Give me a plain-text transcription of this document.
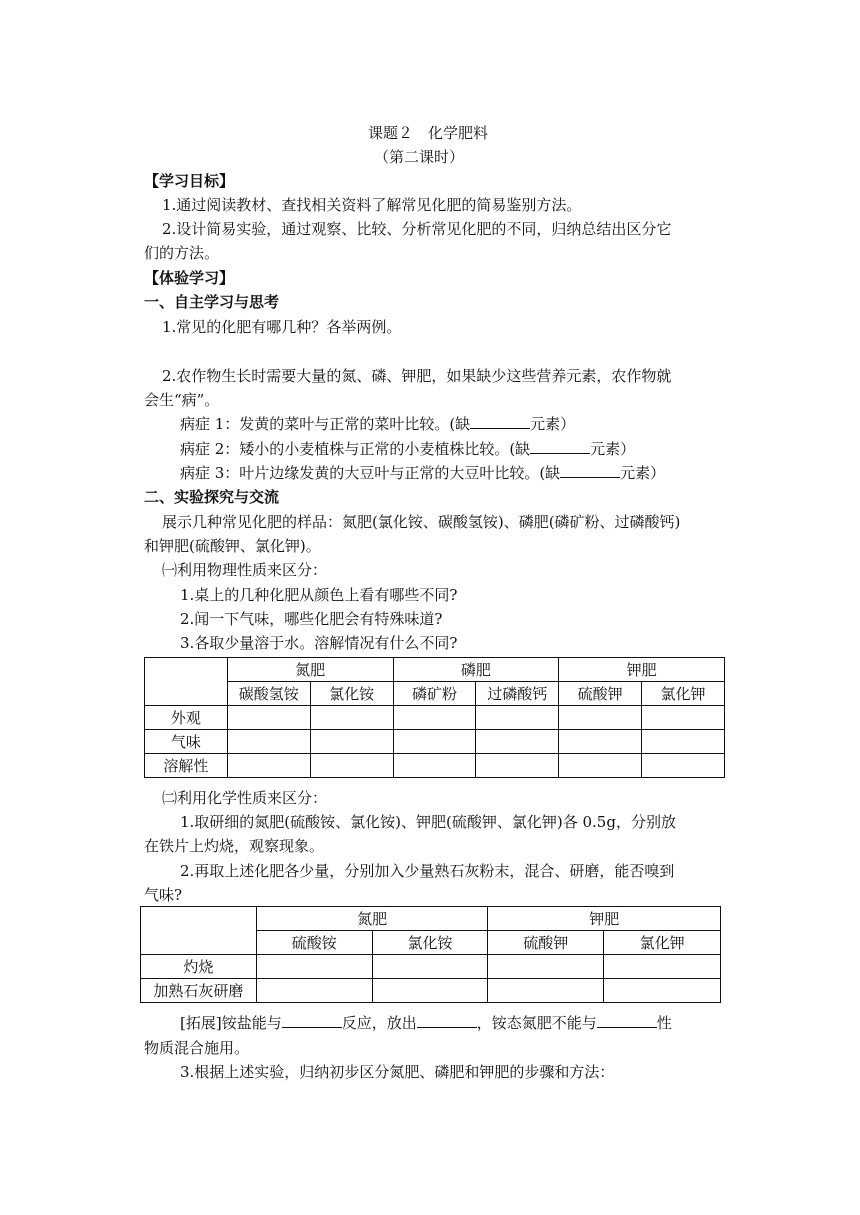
课题２　化学肥料
（第二课时）
【学习目标】
1.通过阅读教材、查找相关资料了解常见化肥的简易鉴别方法。
2.设计简易实验，通过观察、比较、分析常见化肥的不同，归纳总结出区分它
们的方法。
【体验学习】
一、自主学习与思考
1.常见的化肥有哪几种？各举两例。
2.农作物生长时需要大量的氮、磷、钾肥，如果缺少这些营养元素，农作物就
会生“病”。
病症 1：发黄的菜叶与正常的菜叶比较。(缺	元素）
病症 2：矮小的小麦植株与正常的小麦植株比较。(缺	元素）
病症 3：叶片边缘发黄的大豆叶与正常的大豆叶比较。(缺	元素）
二、实验探究与交流
展示几种常见化肥的样品：氮肥(氯化铵、碳酸氢铵)、磷肥(磷矿粉、过磷酸钙)
和钾肥(硫酸钾、氯化钾)。
㈠利用物理性质来区分：
1.桌上的几种化肥从颜色上看有哪些不同?
2.闻一下气味，哪些化肥会有特殊味道?
3.各取少量溶于水。溶解情况有什么不同?
	氮肥		磷肥		钾肥	
	碳酸氢铵	氯化铵	磷矿粉	过磷酸钙	硫酸钾	氯化钾
外观						
气味						
溶解性						
㈡利用化学性质来区分：
1.取研细的氮肥(硫酸铵、氯化铵)、钾肥(硫酸钾、氯化钾)各 0.5g，分别放
在铁片上灼烧，观察现象。
2.再取上述化肥各少量，分别加入少量熟石灰粉末，混合、研磨，能否嗅到
气味?
	氮肥		钾肥	
	硫酸铵	氯化铵	硫酸钾	氯化钾
灼烧				
加熟石灰研磨				
[拓展]铵盐能与	反应，放出	，铵态氮肥不能与	性
物质混合施用。
3.根据上述实验，归纳初步区分氮肥、磷肥和钾肥的步骤和方法：
